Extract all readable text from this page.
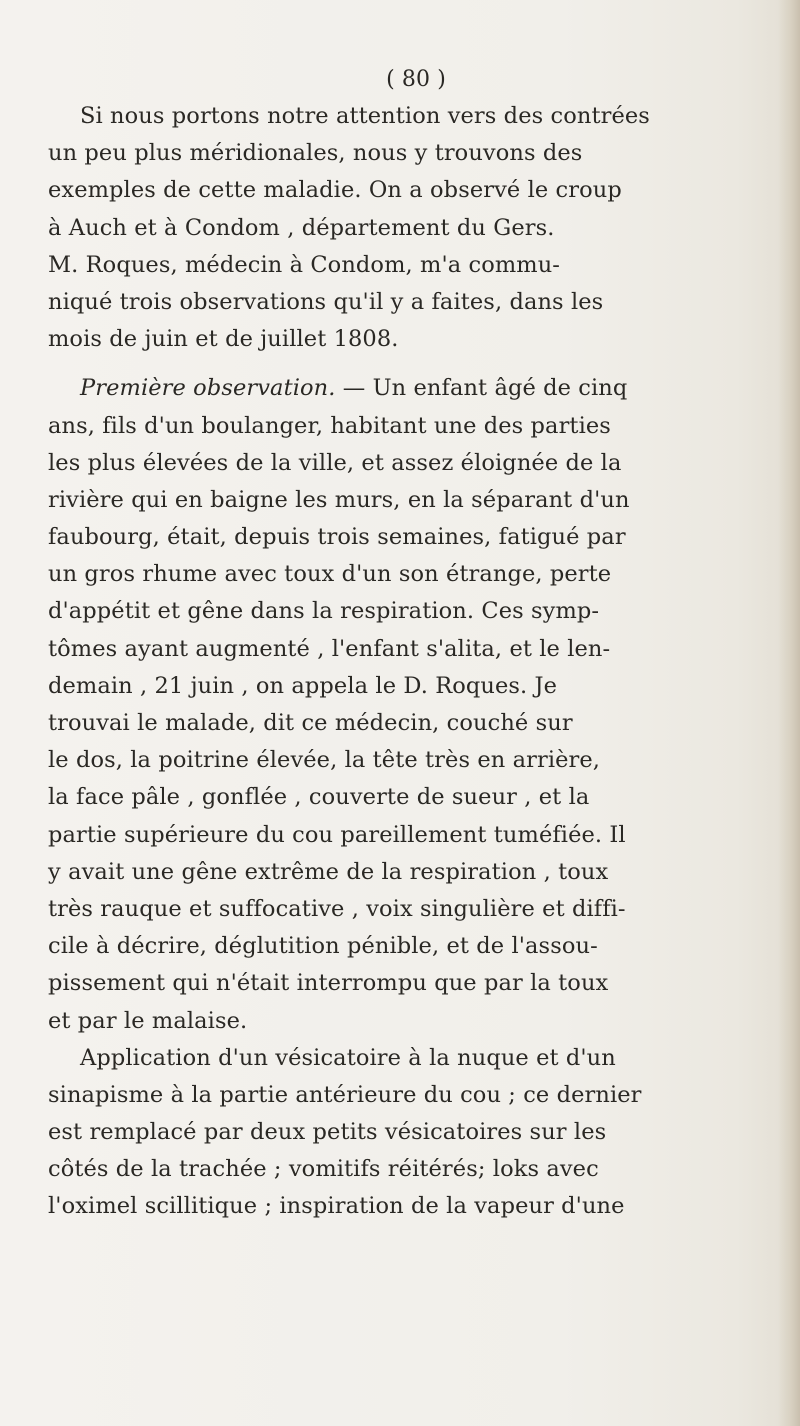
( 80 )
Si nous portons notre attention vers des contrées
un peu plus méridionales, nous y trouvons des
exemples de cette maladie. On a observé le croup
à Auch et à Condom , département du Gers.
M. Roques, médecin à Condom, m'a commu-
niqué trois observations qu'il y a faites, dans les
mois de juin et de juillet 1808.
Première observation. — Un enfant âgé de cinq
ans, fils d'un boulanger, habitant une des parties
les plus élevées de la ville, et assez éloignée de la
rivière qui en baigne les murs, en la séparant d'un
faubourg, était, depuis trois semaines, fatigué par
un gros rhume avec toux d'un son étrange, perte
d'appétit et gêne dans la respiration. Ces symp-
tômes ayant augmenté , l'enfant s'alita, et le len-
demain , 21 juin , on appela le D. Roques. Je
trouvai le malade, dit ce médecin, couché sur
le dos, la poitrine élevée, la tête très en arrière,
la face pâle , gonflée , couverte de sueur , et la
partie supérieure du cou pareillement tuméfiée. Il
y avait une gêne extrême de la respiration , toux
très rauque et suffocative , voix singulière et diffi-
cile à décrire, déglutition pénible, et de l'assou-
pissement qui n'était interrompu que par la toux
et par le malaise.
Application d'un vésicatoire à la nuque et d'un
sinapisme à la partie antérieure du cou ; ce dernier
est remplacé par deux petits vésicatoires sur les
côtés de la trachée ; vomitifs réitérés; loks avec
l'oximel scillitique ; inspiration de la vapeur d'une
